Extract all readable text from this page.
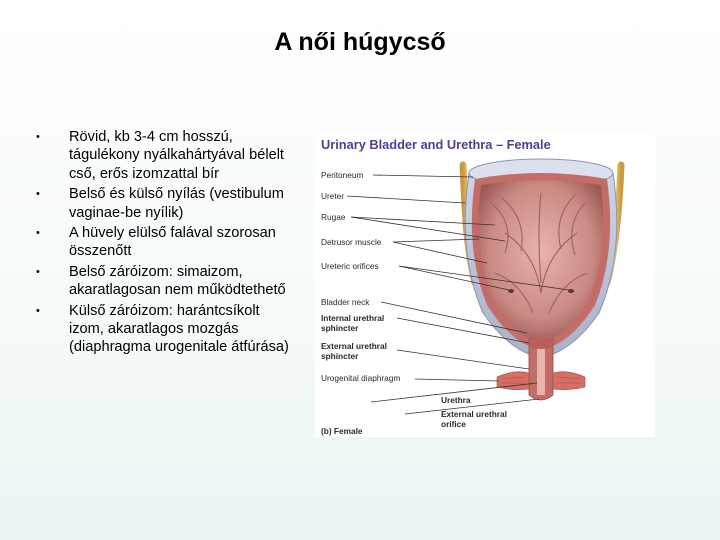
A női húgycső
• Rövid, kb 3-4 cm hosszú, tágulékony nyálkahártyával bélelt cső, erős izomzattal bír
• Belső és külső nyílás (vestibulum vaginae-be nyílik)
• A hüvely elülső falával szorosan összenőtt
• Belső záróizom: simaizom, akaratlagosan nem működtethető
• Külső záróizom: harántcsíkolt izom, akaratlagos mozgás (diaphragma urogenitale átfúrása)
Urinary Bladder and Urethra – Female
Peritoneum
Ureter
Rugae
Detrusor muscle
Ureteric orifices
Bladder neck
Internal urethral
sphincter
External urethral
sphincter
Urogenital diaphragm
Urethra
External urethral
orifice
(b) Female
